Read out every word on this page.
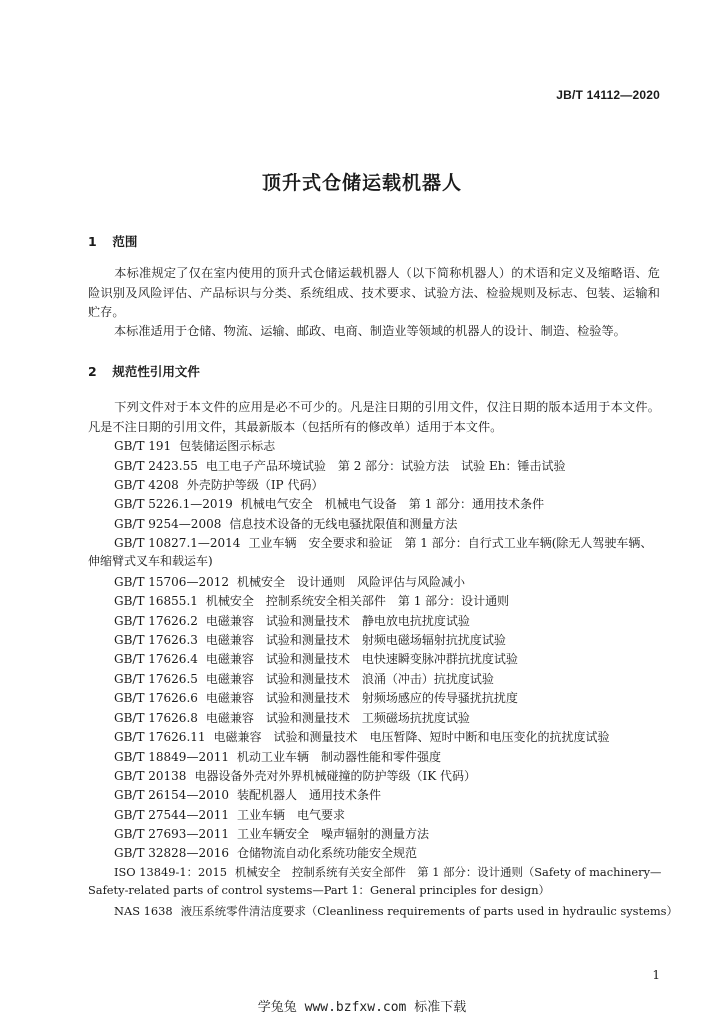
JB/T 14112—2020
顶升式仓储运载机器人
1 范围
本标准规定了仅在室内使用的顶升式仓储运载机器人（以下简称机器人）的术语和定义及缩略语、危险识别及风险评估、产品标识与分类、系统组成、技术要求、试验方法、检验规则及标志、包装、运输和贮存。
本标准适用于仓储、物流、运输、邮政、电商、制造业等领域的机器人的设计、制造、检验等。
2 规范性引用文件
下列文件对于本文件的应用是必不可少的。凡是注日期的引用文件，仅注日期的版本适用于本文件。凡是不注日期的引用文件，其最新版本（包括所有的修改单）适用于本文件。
GB/T 191 包装储运图示标志
GB/T 2423.55 电工电子产品环境试验　第 2 部分：试验方法　试验 Eh：锤击试验
GB/T 4208 外壳防护等级（IP 代码）
GB/T 5226.1—2019 机械电气安全　机械电气设备　第 1 部分：通用技术条件
GB/T 9254—2008 信息技术设备的无线电骚扰限值和测量方法
GB/T 10827.1—2014 工业车辆　安全要求和验证　第 1 部分：自行式工业车辆(除无人驾驶车辆、伸缩臂式叉车和载运车)
GB/T 15706—2012 机械安全　设计通则　风险评估与风险减小
GB/T 16855.1 机械安全　控制系统安全相关部件　第 1 部分：设计通则
GB/T 17626.2 电磁兼容　试验和测量技术　静电放电抗扰度试验
GB/T 17626.3 电磁兼容　试验和测量技术　射频电磁场辐射抗扰度试验
GB/T 17626.4 电磁兼容　试验和测量技术　电快速瞬变脉冲群抗扰度试验
GB/T 17626.5 电磁兼容　试验和测量技术　浪涌（冲击）抗扰度试验
GB/T 17626.6 电磁兼容　试验和测量技术　射频场感应的传导骚扰抗扰度
GB/T 17626.8 电磁兼容　试验和测量技术　工频磁场抗扰度试验
GB/T 17626.11 电磁兼容　试验和测量技术　电压暂降、短时中断和电压变化的抗扰度试验
GB/T 18849—2011 机动工业车辆　制动器性能和零件强度
GB/T 20138 电器设备外壳对外界机械碰撞的防护等级（IK 代码）
GB/T 26154—2010 装配机器人　通用技术条件
GB/T 27544—2011 工业车辆　电气要求
GB/T 27693—2011 工业车辆安全　噪声辐射的测量方法
GB/T 32828—2016 仓储物流自动化系统功能安全规范
ISO 13849-1：2015 机械安全　控制系统有关安全部件　第 1 部分：设计通则（Safety of machinery—Safety-related parts of control systems—Part 1：General principles for design）
NAS 1638 液压系统零件清洁度要求（Cleanliness requirements of parts used in hydraulic systems）
1
学兔兔 www.bzfxw.com 标准下载
